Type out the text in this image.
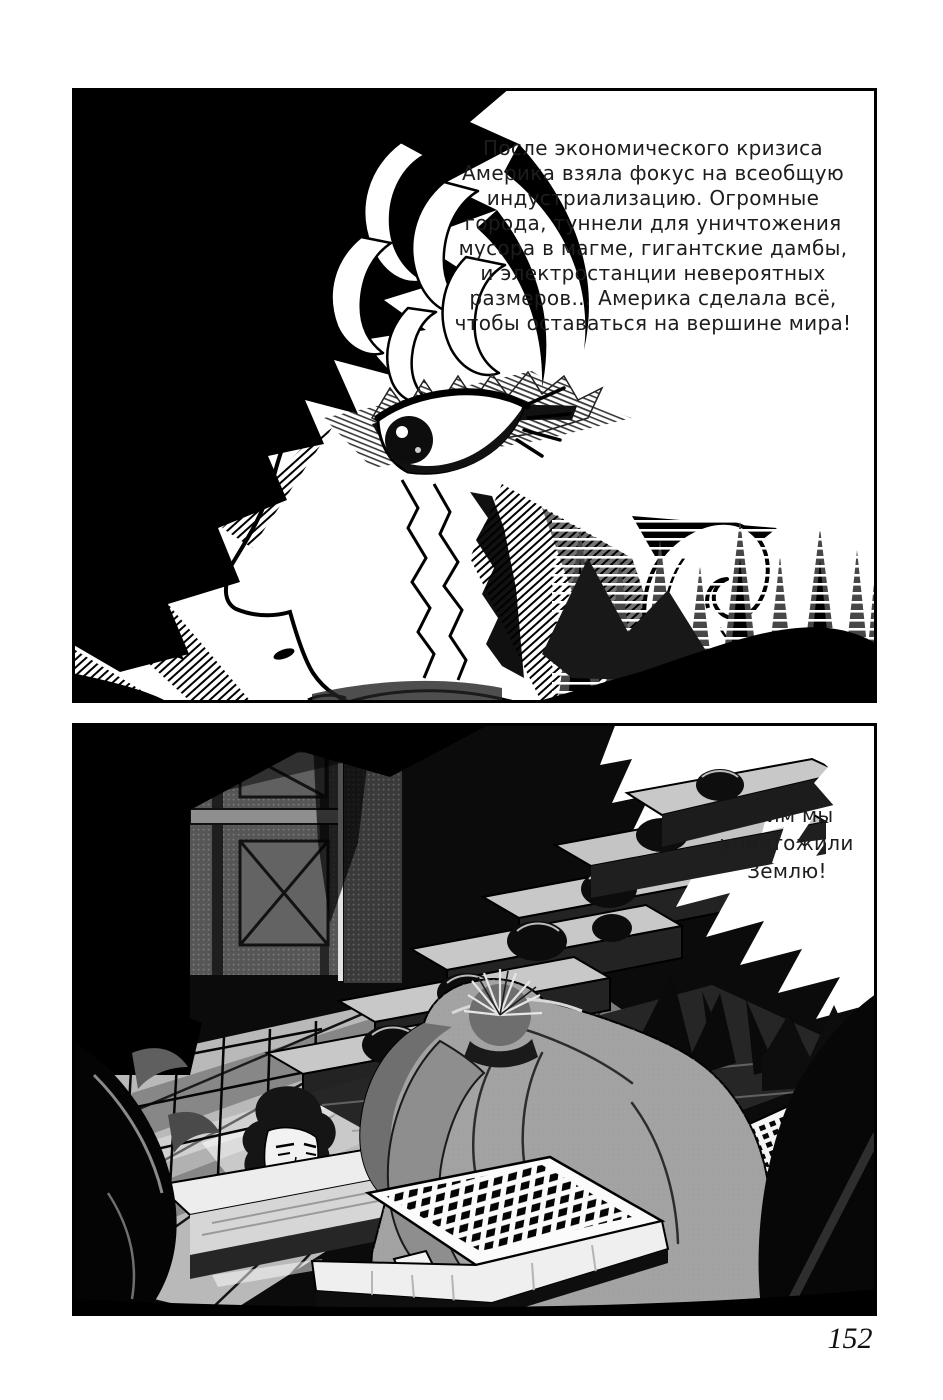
После экономического кризиса
Америка взяла фокус на всеобщую
индустриализацию. Огромные
города, туннели для уничтожения
мусора в магме, гигантские дамбы,
и электростанции невероятных
размеров... Америка сделала всё,
чтобы оставаться на вершине мира!
Этим мы
уничтожили
Землю!
152
